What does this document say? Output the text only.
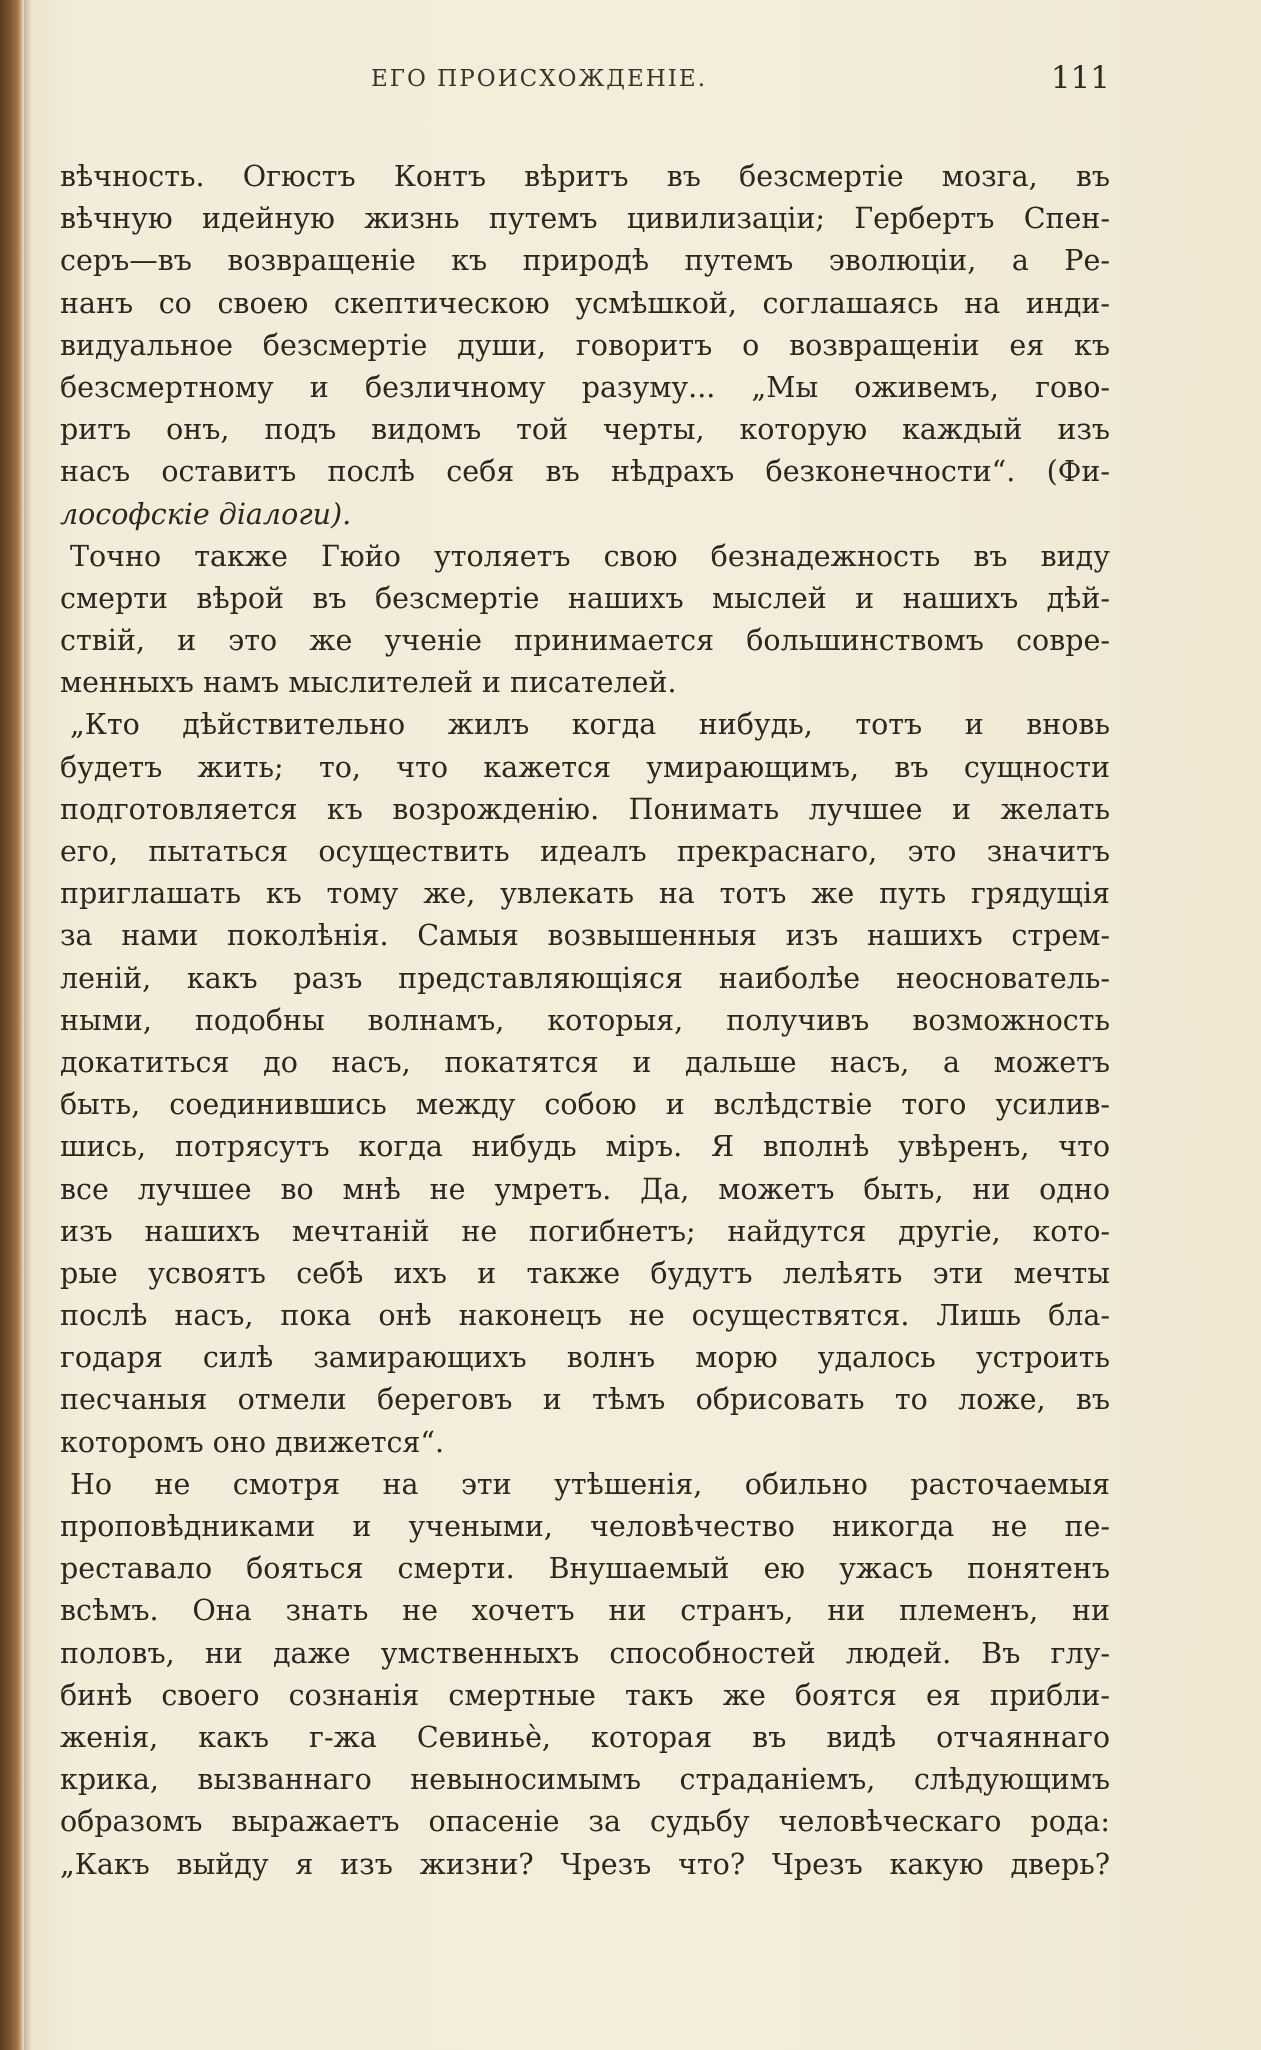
ЕГО ПРОИСХОЖДЕНІЕ.	111
вѣчность. Огюстъ Контъ вѣритъ въ безсмертіе мозга, въ
вѣчную идейную жизнь путемъ цивилизаціи; Гербертъ Спен-
серъ—въ возвращеніе къ природѣ путемъ эволюціи, а Ре-
нанъ со своею скептическою усмѣшкой, соглашаясь на инди-
видуальное безсмертіе души, говоритъ о возвращеніи ея къ
безсмертному и безличному разуму... „Мы оживемъ, гово-
ритъ онъ, подъ видомъ той черты, которую каждый изъ
насъ оставитъ послѣ себя въ нѣдрахъ безконечности“. (Фи-
лософскіе діалоги).
Точно также Гюйо утоляетъ свою безнадежность въ виду
смерти вѣрой въ безсмертіе нашихъ мыслей и нашихъ дѣй-
ствій, и это же ученіе принимается большинствомъ совре-
менныхъ намъ мыслителей и писателей.
„Кто дѣйствительно жилъ когда нибудь, тотъ и вновь
будетъ жить; то, что кажется умирающимъ, въ сущности
подготовляется къ возрожденію. Понимать лучшее и желать
его, пытаться осуществить идеалъ прекраснаго, это значитъ
приглашать къ тому же, увлекать на тотъ же путь грядущія
за нами поколѣнія. Самыя возвышенныя изъ нашихъ стрем-
леній, какъ разъ представляющіяся наиболѣе неоснователь-
ными, подобны волнамъ, которыя, получивъ возможность
докатиться до насъ, покатятся и дальше насъ, а можетъ
быть, соединившись между собою и вслѣдствіе того усилив-
шись, потрясутъ когда нибудь міръ. Я вполнѣ увѣренъ, что
все лучшее во мнѣ не умретъ. Да, можетъ быть, ни одно
изъ нашихъ мечтаній не погибнетъ; найдутся другіе, кото-
рые усвоятъ себѣ ихъ и также будутъ лелѣять эти мечты
послѣ насъ, пока онѣ наконецъ не осуществятся. Лишь бла-
годаря силѣ замирающихъ волнъ морю удалось устроить
песчаныя отмели береговъ и тѣмъ обрисовать то ложе, въ
которомъ оно движется“.
Но не смотря на эти утѣшенія, обильно расточаемыя
проповѣдниками и учеными, человѣчество никогда не пе-
реставало бояться смерти. Внушаемый ею ужасъ понятенъ
всѣмъ. Она знать не хочетъ ни странъ, ни племенъ, ни
половъ, ни даже умственныхъ способностей людей. Въ глу-
бинѣ своего сознанія смертные такъ же боятся ея прибли-
женія, какъ г-жа Севиньè, которая въ видѣ отчаяннаго
крика, вызваннаго невыносимымъ страданіемъ, слѣдующимъ
образомъ выражаетъ опасеніе за судьбу человѣческаго рода:
„Какъ выйду я изъ жизни? Чрезъ что? Чрезъ какую дверь?
